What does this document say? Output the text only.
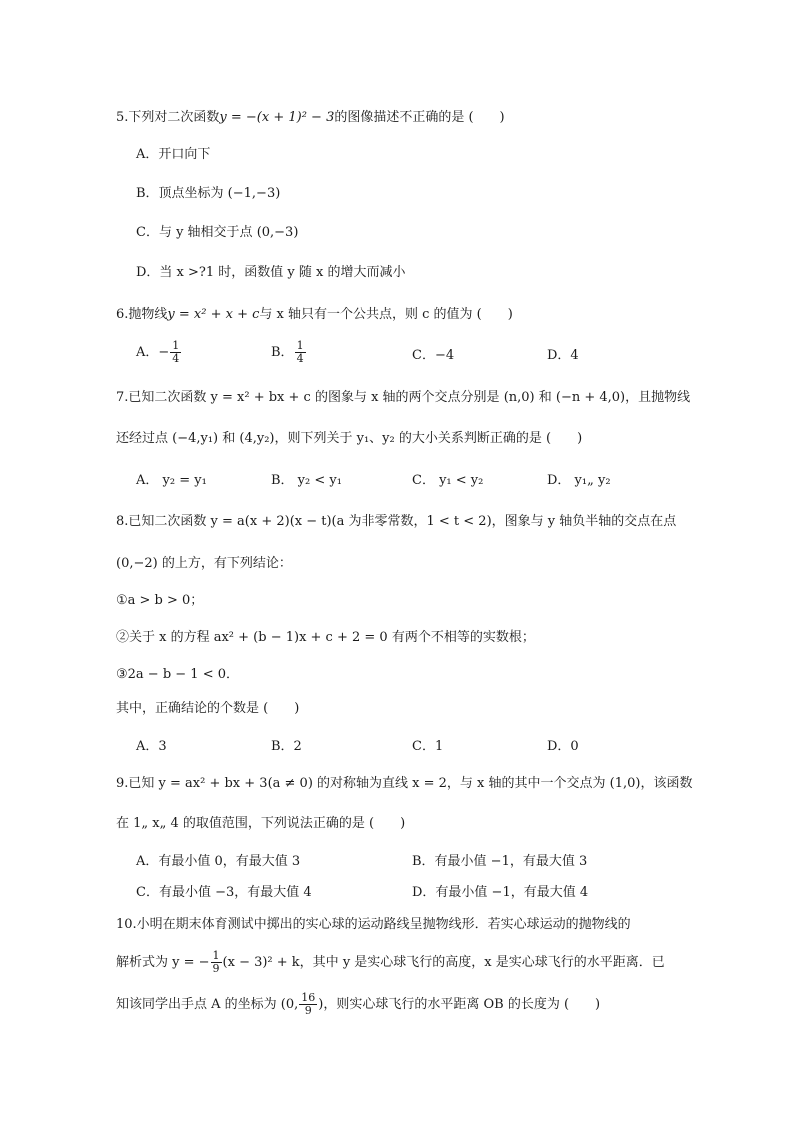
5.下列对二次函数y = −(x + 1)² − 3的图像描述不正确的是 (　　)
A．开口向下
B．顶点坐标为 (−1,−3)
C．与 y 轴相交于点 (0,−3)
D．当 x >?1 时，函数值 y 随 x 的增大而减小
6.抛物线y = x² + x + c与 x 轴只有一个公共点，则 c 的值为 (　　)
A．− $\frac{1}{4}$	B． $\frac{1}{4}$	C．−4	D．4
7.已知二次函数 y = x² + bx + c 的图象与 x 轴的两个交点分别是 (n,0) 和 (−n + 4,0)，且抛物线
还经过点 (−4,y₁) 和 (4,y₂)，则下列关于 y₁、y₂ 的大小关系判断正确的是 (　　)
A． y₂ = y₁	B． y₂ < y₁	C． y₁ < y₂	D． y₁„ y₂
8.已知二次函数 y = a(x + 2)(x − t)(a 为非零常数，1 < t < 2)，图象与 y 轴负半轴的交点在点
(0,−2) 的上方，有下列结论：
①a > b > 0；
②关于 x 的方程 ax² + (b − 1)x + c + 2 = 0 有两个不相等的实数根；
③2a − b − 1 < 0．
其中，正确结论的个数是 (　　)
A．3	B．2	C．1	D．0
9.已知 y = ax² + bx + 3(a ≠ 0) 的对称轴为直线 x = 2，与 x 轴的其中一个交点为 (1,0)，该函数
在 1„ x„ 4 的取值范围，下列说法正确的是 (　　)
A．有最小值 0，有最大值 3	B．有最小值 −1，有最大值 3
C．有最小值 −3，有最大值 4	D．有最小值 −1，有最大值 4
10.小明在期末体育测试中掷出的实心球的运动路线呈抛物线形．若实心球运动的抛物线的
解析式为 y = − $\frac{1}{9} (x - 3)^2 + k$，其中 y 是实心球飞行的高度，x 是实心球飞行的水平距离．已
知该同学出手点 A 的坐标为 (0, $\frac{16}{9}$ )，则实心球飞行的水平距离 OB 的长度为 (　　)
